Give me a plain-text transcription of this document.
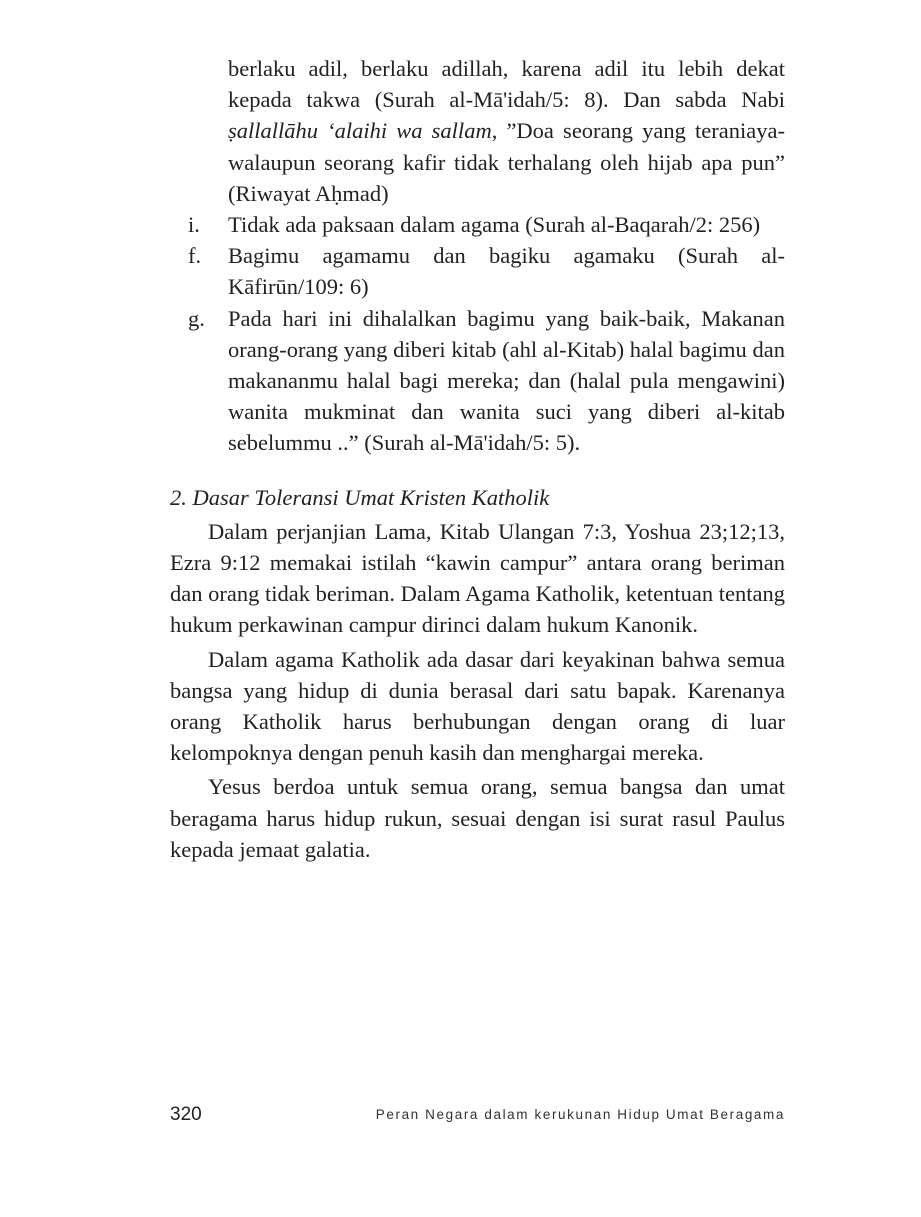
berlaku adil, berlaku adillah, karena adil itu lebih dekat kepada takwa (Surah al-Mā'idah/5: 8). Dan sabda Nabi ṣallallāhu ‘alaihi wa sallam, ”Doa seorang yang teraniaya-walaupun seorang kafir tidak terhalang oleh hijab apa pun” (Riwayat Aḥmad)

i. Tidak ada paksaan dalam agama (Surah al-Baqarah/2: 256)

f. Bagimu agamamu dan bagiku agamaku (Surah al-Kāfirūn/109: 6)

g. Pada hari ini dihalalkan bagimu yang baik-baik, Makanan orang-orang yang diberi kitab (ahl al-Kitab) halal bagimu dan makananmu halal bagi mereka; dan (halal pula mengawini) wanita mukminat dan wanita suci yang diberi al-kitab sebelummu ..” (Surah al-Mā'idah/5: 5).

2. Dasar Toleransi Umat Kristen Katholik

Dalam perjanjian Lama, Kitab Ulangan 7:3, Yoshua 23;12;13, Ezra 9:12 memakai istilah “kawin campur” antara orang beriman dan orang tidak beriman. Dalam Agama Katholik, ketentuan tentang hukum perkawinan campur dirinci dalam hukum Kanonik.

Dalam agama Katholik ada dasar dari keyakinan bahwa semua bangsa yang hidup di dunia berasal dari satu bapak. Karenanya orang Katholik harus berhubungan dengan orang di luar kelompoknya dengan penuh kasih dan menghargai mereka.

Yesus berdoa untuk semua orang, semua bangsa dan umat beragama harus hidup rukun, sesuai dengan isi surat rasul Paulus kepada jemaat galatia.

320	Peran Negara dalam kerukunan Hidup Umat Beragama
